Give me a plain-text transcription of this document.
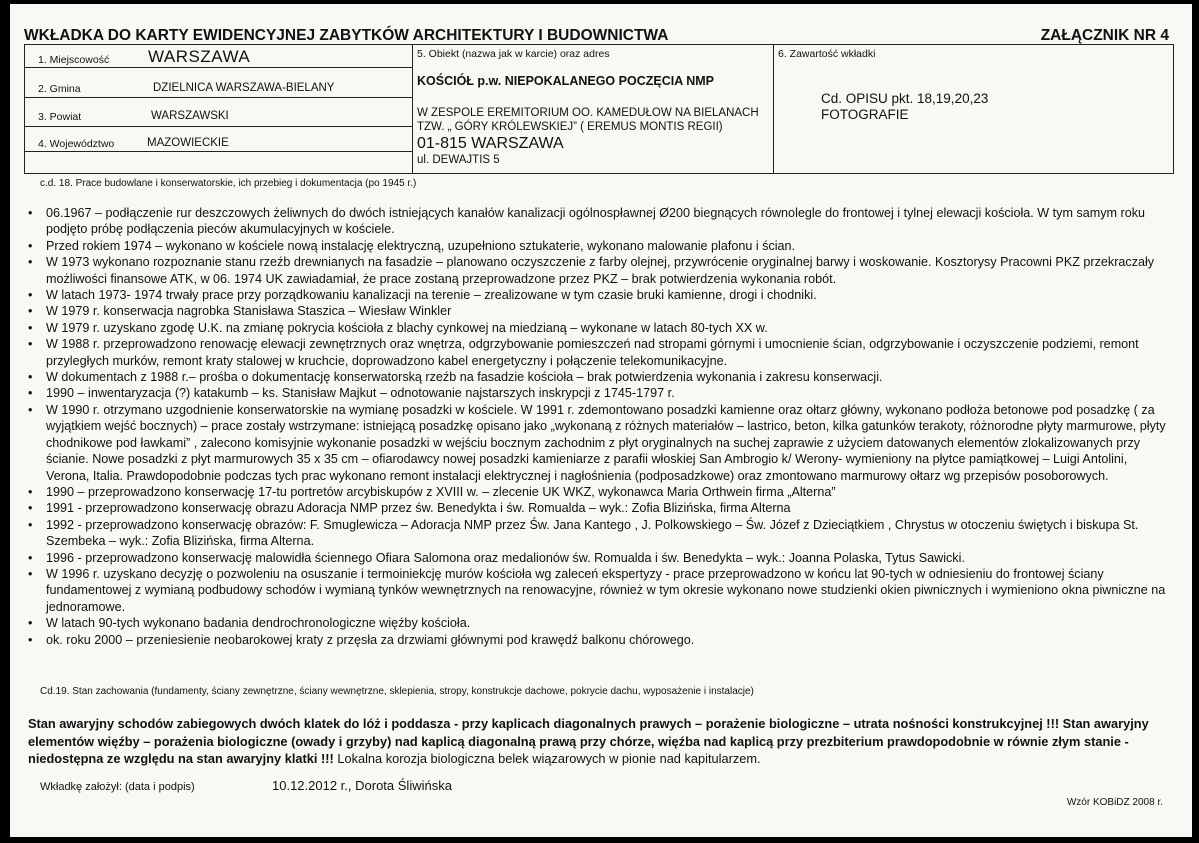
WKŁADKA DO KARTY EWIDENCYJNEJ ZABYTKÓW ARCHITEKTURY I BUDOWNICTWA	ZAŁĄCZNIK NR 4
1. Miejscowość WARSZAWA
2. Gmina	DZIELNICA WARSZAWA-BIELANY
3. Powiat	WARSZAWSKI
4. Województwo	MAZOWIECKIE
5. Obiekt (nazwa jak w karcie) oraz adres
KOŚCIÓŁ p.w. NIEPOKALANEGO POCZĘCIA NMP
W ZESPOLE EREMITORIUM OO. KAMEDUŁOW NA BIELANACH
TZW. „ GÓRY KRÓLEWSKIEJ” ( EREMUS MONTIS REGII)
01-815 WARSZAWA
ul. DEWAJTIS 5
6. Zawartość wkładki
Cd. OPISU pkt. 18,19,20,23
FOTOGRAFIE
c.d. 18. Prace budowlane i konserwatorskie, ich przebieg i dokumentacja (po 1945 r.)
• 06.1967 – podłączenie rur deszczowych żeliwnych do dwóch istniejących kanałów kanalizacji ogólnospławnej Ø200 biegnących równolegle do frontowej i tylnej elewacji kościoła. W tym samym roku podjęto próbę podłączenia pieców akumulacyjnych w kościele.
• Przed rokiem 1974 – wykonano w kościele nową instalację elektryczną, uzupełniono sztukaterie, wykonano malowanie plafonu i ścian.
• W 1973 wykonano rozpoznanie stanu rzeźb drewnianych na fasadzie – planowano oczyszczenie z farby olejnej, przywrócenie oryginalnej barwy i woskowanie. Kosztorysy Pracowni PKZ przekraczały możliwości finansowe ATK, w 06. 1974 UK zawiadamiał, że prace zostaną przeprowadzone przez PKZ – brak potwierdzenia wykonania robót.
• W latach 1973- 1974 trwały prace przy porządkowaniu kanalizacji na terenie – zrealizowane w tym czasie bruki kamienne, drogi i chodniki.
• W 1979 r. konserwacja nagrobka Stanisława Staszica – Wiesław Winkler
• W 1979 r. uzyskano zgodę U.K. na zmianę pokrycia kościoła z blachy cynkowej na miedzianą – wykonane w latach 80-tych XX w.
• W 1988 r. przeprowadzono renowację elewacji zewnętrznych oraz wnętrza, odgrzybowanie pomieszczeń nad stropami górnymi i umocnienie ścian, odgrzybowanie i oczyszczenie podziemi, remont przyległych murków, remont kraty stalowej w kruchcie, doprowadzono kabel energetyczny i połączenie telekomunikacyjne.
• W dokumentach z 1988 r.– prośba o dokumentację konserwatorską rzeźb na fasadzie kościoła – brak potwierdzenia wykonania i zakresu konserwacji.
• 1990 – inwentaryzacja (?) katakumb – ks. Stanisław Majkut – odnotowanie najstarszych inskrypcji z 1745-1797 r.
• W 1990 r. otrzymano uzgodnienie konserwatorskie na wymianę posadzki w kościele. W 1991 r. zdemontowano posadzki kamienne oraz ołtarz główny, wykonano podłoża betonowe pod posadzkę ( za wyjątkiem wejść bocznych) – prace zostały wstrzymane: istniejącą posadzkę opisano jako „wykonaną z różnych materiałów – lastrico, beton, kilka gatunków terakoty, różnorodne płyty marmurowe, płyty chodnikowe pod ławkami” , zalecono komisyjnie wykonanie posadzki w wejściu bocznym zachodnim z płyt oryginalnych na suchej zaprawie z użyciem datowanych elementów zlokalizowanych przy ścianie. Nowe posadzki z płyt marmurowych 35 x 35 cm – ofiarodawcy nowej posadzki kamieniarze z parafii włoskiej San Ambrogio k/ Werony- wymieniony na płytce pamiątkowej – Luigi Antolini, Verona, Italia. Prawdopodobnie podczas tych prac wykonano remont instalacji elektrycznej i nagłośnienia (podposadzkowe) oraz zmontowano marmurowy ołtarz wg przepisów posoborowych.
• 1990 – przeprowadzono konserwację 17-tu portretów arcybiskupów z XVIII w. – zlecenie UK WKZ, wykonawca Maria Orthwein firma „Alterna”
• 1991 - przeprowadzono konserwację obrazu Adoracja NMP przez św. Benedykta i św. Romualda – wyk.: Zofia Blizińska, firma Alterna
• 1992 - przeprowadzono konserwację obrazów: F. Smuglewicza – Adoracja NMP przez Św. Jana Kantego , J. Polkowskiego – Św. Józef z Dzieciątkiem , Chrystus w otoczeniu świętych i biskupa St. Szembeka – wyk.: Zofia Blizińska, firma Alterna.
• 1996 - przeprowadzono konserwację malowidła ściennego Ofiara Salomona oraz medalionów św. Romualda i św. Benedykta – wyk.: Joanna Polaska, Tytus Sawicki.
• W 1996 r. uzyskano decyzję o pozwoleniu na osuszanie i termoiniekcję murów kościoła wg zaleceń ekspertyzy - prace przeprowadzono w końcu lat 90-tych w odniesieniu do frontowej ściany fundamentowej z wymianą podbudowy schodów i wymianą tynków wewnętrznych na renowacyjne, również w tym okresie wykonano nowe studzienki okien piwnicznych i wymieniono okna piwniczne na jednoramowe.
• W latach 90-tych wykonano badania dendrochronologiczne więźby kościoła.
• ok. roku 2000 – przeniesienie neobarokowej kraty z przęsła za drzwiami głównymi pod krawędź balkonu chórowego.
Cd.19. Stan zachowania (fundamenty, ściany zewnętrzne, ściany wewnętrzne, sklepienia, stropy, konstrukcje dachowe, pokrycie dachu, wyposażenie i instalacje)
Stan awaryjny schodów zabiegowych dwóch klatek do lóż i poddasza - przy kaplicach diagonalnych prawych – porażenie biologiczne – utrata nośności konstrukcyjnej !!! Stan awaryjny elementów więźby – porażenia biologiczne (owady i grzyby) nad kaplicą diagonalną prawą przy chórze, więźba nad kaplicą przy prezbiterium prawdopodobnie w równie złym stanie - niedostępna ze względu na stan awaryjny klatki !!! Lokalna korozja biologiczna belek wiązarowych w pionie nad kapitularzem.
Wkładkę założył: (data i podpis)	10.12.2012 r., Dorota Śliwińska
Wzór KOBiDZ 2008 r.
